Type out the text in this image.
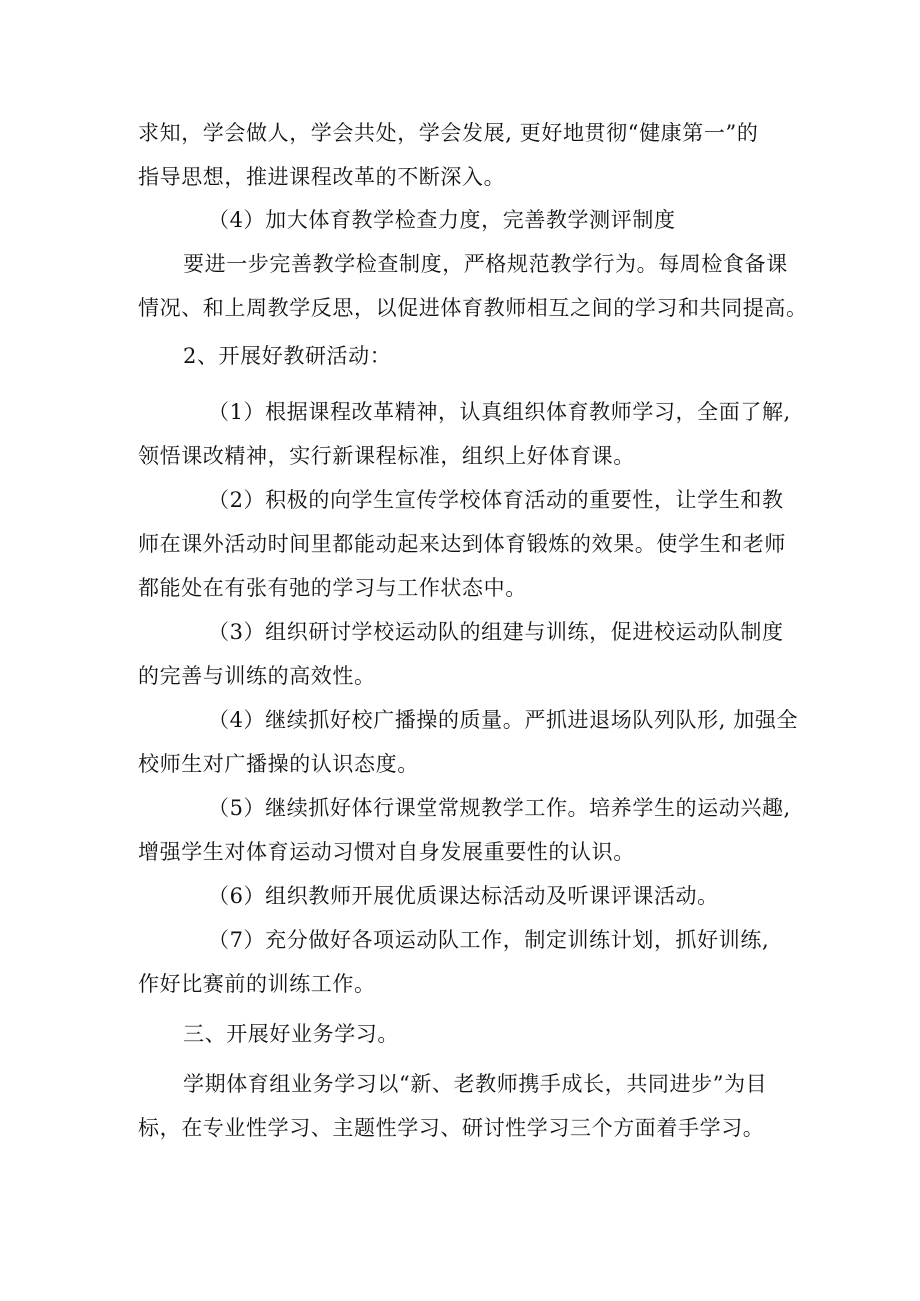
求知，学会做人，学会共处，学会发展, 更好地贯彻“健康第一”的
指导思想，推进课程改革的不断深入。
（4）加大体育教学检查力度，完善教学测评制度
要进一步完善教学检查制度，严格规范教学行为。每周检食备课
情况、和上周教学反思，以促进体育教师相互之间的学习和共同提高。
2、开展好教研活动：
（1）根据课程改革精神，认真组织体育教师学习，全面了解,
领悟课改精神，实行新课程标准，组织上好体育课。
（2）积极的向学生宣传学校体育活动的重要性，让学生和教
师在课外活动时间里都能动起来达到体育锻炼的效果。使学生和老师
都能处在有张有弛的学习与工作状态中。
（3）组织研讨学校运动队的组建与训练，促进校运动队制度
的完善与训练的高效性。
（4）继续抓好校广播操的质量。严抓进退场队列队形, 加强全
校师生对广播操的认识态度。
（5）继续抓好体行课堂常规教学工作。培养学生的运动兴趣,
增强学生对体育运动习惯对自身发展重要性的认识。
（6）组织教师开展优质课达标活动及听课评课活动。
（7）充分做好各项运动队工作，制定训练计划，抓好训练,
作好比赛前的训练工作。
三、开展好业务学习。
学期体育组业务学习以“新、老教师携手成长，共同进步”为目
标，在专业性学习、主题性学习、研讨性学习三个方面着手学习。
